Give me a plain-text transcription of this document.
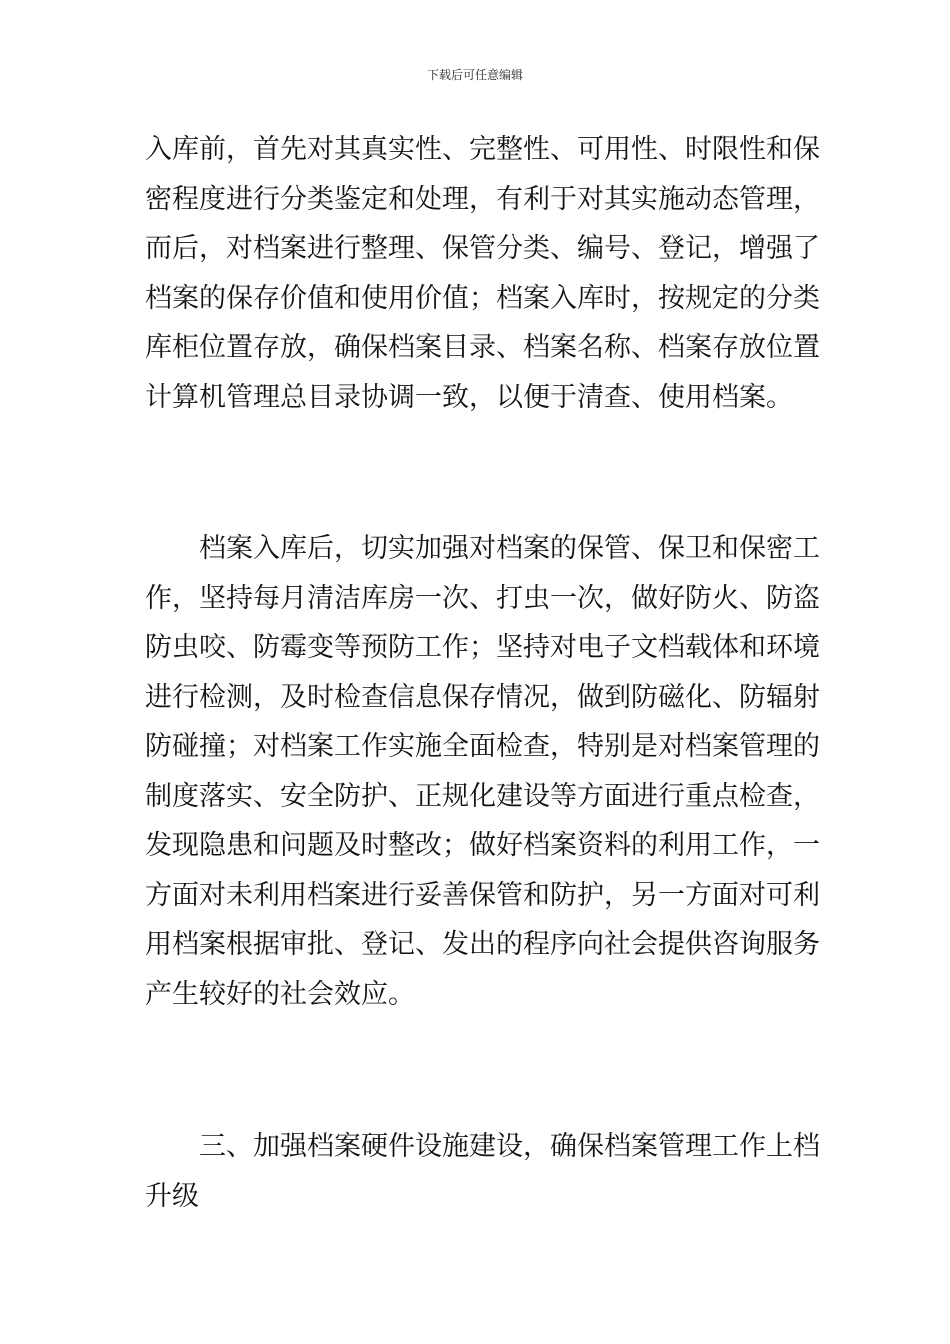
下载后可任意编辑
入库前，首先对其真实性、完整性、可用性、时限性和保
密程度进行分类鉴定和处理，有利于对其实施动态管理，
而后，对档案进行整理、保管分类、编号、登记，增强了
档案的保存价值和使用价值；档案入库时，按规定的分类
库柜位置存放，确保档案目录、档案名称、档案存放位置
计算机管理总目录协调一致，以便于清查、使用档案。
档案入库后，切实加强对档案的保管、保卫和保密工
作，坚持每月清洁库房一次、打虫一次，做好防火、防盗
防虫咬、防霉变等预防工作；坚持对电子文档载体和环境
进行检测，及时检查信息保存情况，做到防磁化、防辐射
防碰撞；对档案工作实施全面检查，特别是对档案管理的
制度落实、安全防护、正规化建设等方面进行重点检查，
发现隐患和问题及时整改；做好档案资料的利用工作，一
方面对未利用档案进行妥善保管和防护，另一方面对可利
用档案根据审批、登记、发出的程序向社会提供咨询服务
产生较好的社会效应。
三、加强档案硬件设施建设，确保档案管理工作上档
升级
